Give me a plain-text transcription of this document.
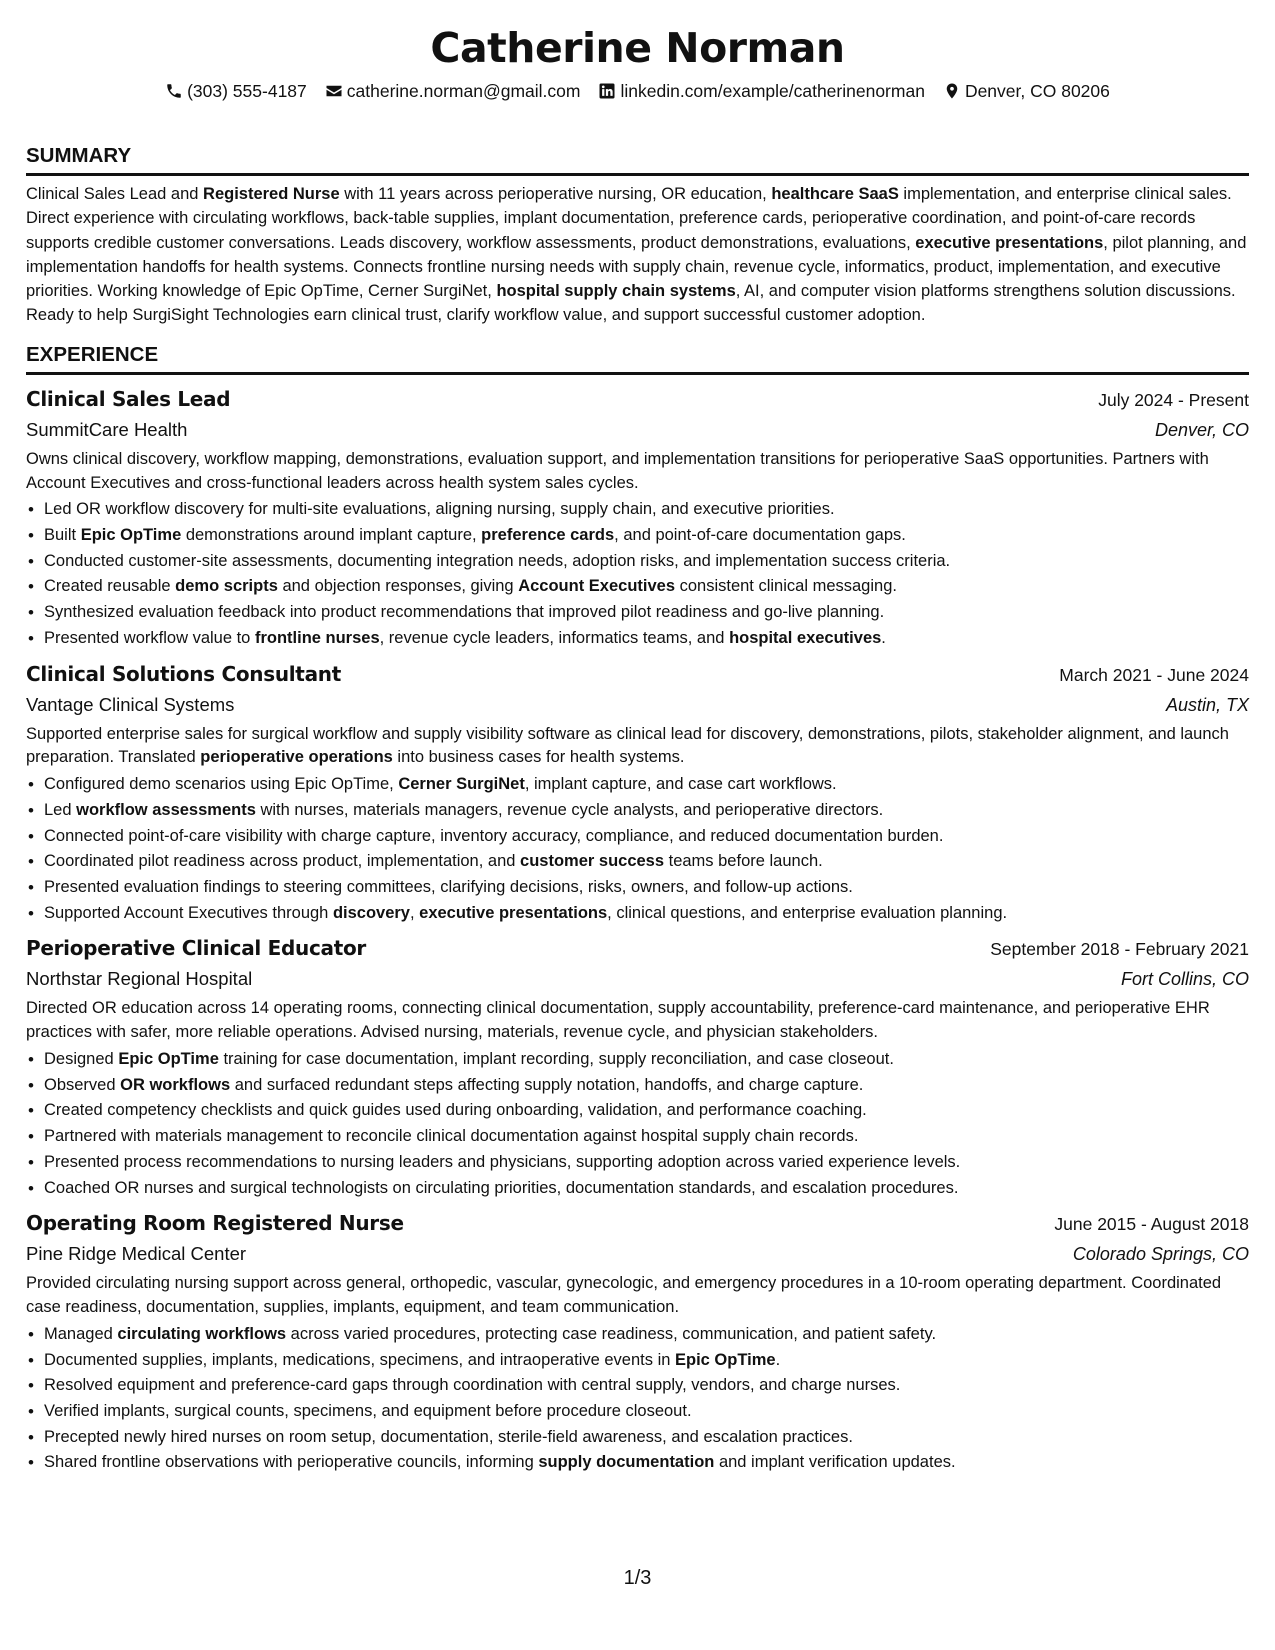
Catherine Norman
(303) 555-4187 catherine.norman@gmail.com linkedin.com/example/catherinenorman Denver, CO 80206
SUMMARY

Clinical Sales Lead and Registered Nurse with 11 years across perioperative nursing, OR education, healthcare SaaS implementation, and enterprise clinical sales. Direct experience with circulating workflows, back-table supplies, implant documentation, preference cards, perioperative coordination, and point-of-care records supports credible customer conversations. Leads discovery, workflow assessments, product demonstrations, evaluations, executive presentations, pilot planning, and implementation handoffs for health systems. Connects frontline nursing needs with supply chain, revenue cycle, informatics, product, implementation, and executive priorities. Working knowledge of Epic OpTime, Cerner SurgiNet, hospital supply chain systems, AI, and computer vision platforms strengthens solution discussions. Ready to help SurgiSight Technologies earn clinical trust, clarify workflow value, and support successful customer adoption.

EXPERIENCE
Clinical Sales Lead	July 2024 - Present
SummitCare Health	Denver, CO

Owns clinical discovery, workflow mapping, demonstrations, evaluation support, and implementation transitions for perioperative SaaS opportunities. Partners with Account Executives and cross-functional leaders across health system sales cycles.

• Led OR workflow discovery for multi-site evaluations, aligning nursing, supply chain, and executive priorities.
• Built Epic OpTime demonstrations around implant capture, preference cards, and point-of-care documentation gaps.
• Conducted customer-site assessments, documenting integration needs, adoption risks, and implementation success criteria.
• Created reusable demo scripts and objection responses, giving Account Executives consistent clinical messaging.
• Synthesized evaluation feedback into product recommendations that improved pilot readiness and go-live planning.
• Presented workflow value to frontline nurses, revenue cycle leaders, informatics teams, and hospital executives.
Clinical Solutions Consultant	March 2021 - June 2024
Vantage Clinical Systems	Austin, TX

Supported enterprise sales for surgical workflow and supply visibility software as clinical lead for discovery, demonstrations, pilots, stakeholder alignment, and launch preparation. Translated perioperative operations into business cases for health systems.

• Configured demo scenarios using Epic OpTime, Cerner SurgiNet, implant capture, and case cart workflows.
• Led workflow assessments with nurses, materials managers, revenue cycle analysts, and perioperative directors.
• Connected point-of-care visibility with charge capture, inventory accuracy, compliance, and reduced documentation burden.
• Coordinated pilot readiness across product, implementation, and customer success teams before launch.
• Presented evaluation findings to steering committees, clarifying decisions, risks, owners, and follow-up actions.
• Supported Account Executives through discovery, executive presentations, clinical questions, and enterprise evaluation planning.
Perioperative Clinical Educator	September 2018 - February 2021
Northstar Regional Hospital	Fort Collins, CO

Directed OR education across 14 operating rooms, connecting clinical documentation, supply accountability, preference-card maintenance, and perioperative EHR practices with safer, more reliable operations. Advised nursing, materials, revenue cycle, and physician stakeholders.

• Designed Epic OpTime training for case documentation, implant recording, supply reconciliation, and case closeout.
• Observed OR workflows and surfaced redundant steps affecting supply notation, handoffs, and charge capture.
• Created competency checklists and quick guides used during onboarding, validation, and performance coaching.
• Partnered with materials management to reconcile clinical documentation against hospital supply chain records.
• Presented process recommendations to nursing leaders and physicians, supporting adoption across varied experience levels.
• Coached OR nurses and surgical technologists on circulating priorities, documentation standards, and escalation procedures.
Operating Room Registered Nurse	June 2015 - August 2018
Pine Ridge Medical Center	Colorado Springs, CO

Provided circulating nursing support across general, orthopedic, vascular, gynecologic, and emergency procedures in a 10-room operating department. Coordinated case readiness, documentation, supplies, implants, equipment, and team communication.

• Managed circulating workflows across varied procedures, protecting case readiness, communication, and patient safety.
• Documented supplies, implants, medications, specimens, and intraoperative events in Epic OpTime.
• Resolved equipment and preference-card gaps through coordination with central supply, vendors, and charge nurses.
• Verified implants, surgical counts, specimens, and equipment before procedure closeout.
• Precepted newly hired nurses on room setup, documentation, sterile-field awareness, and escalation practices.
• Shared frontline observations with perioperative councils, informing supply documentation and implant verification updates.
1/3
